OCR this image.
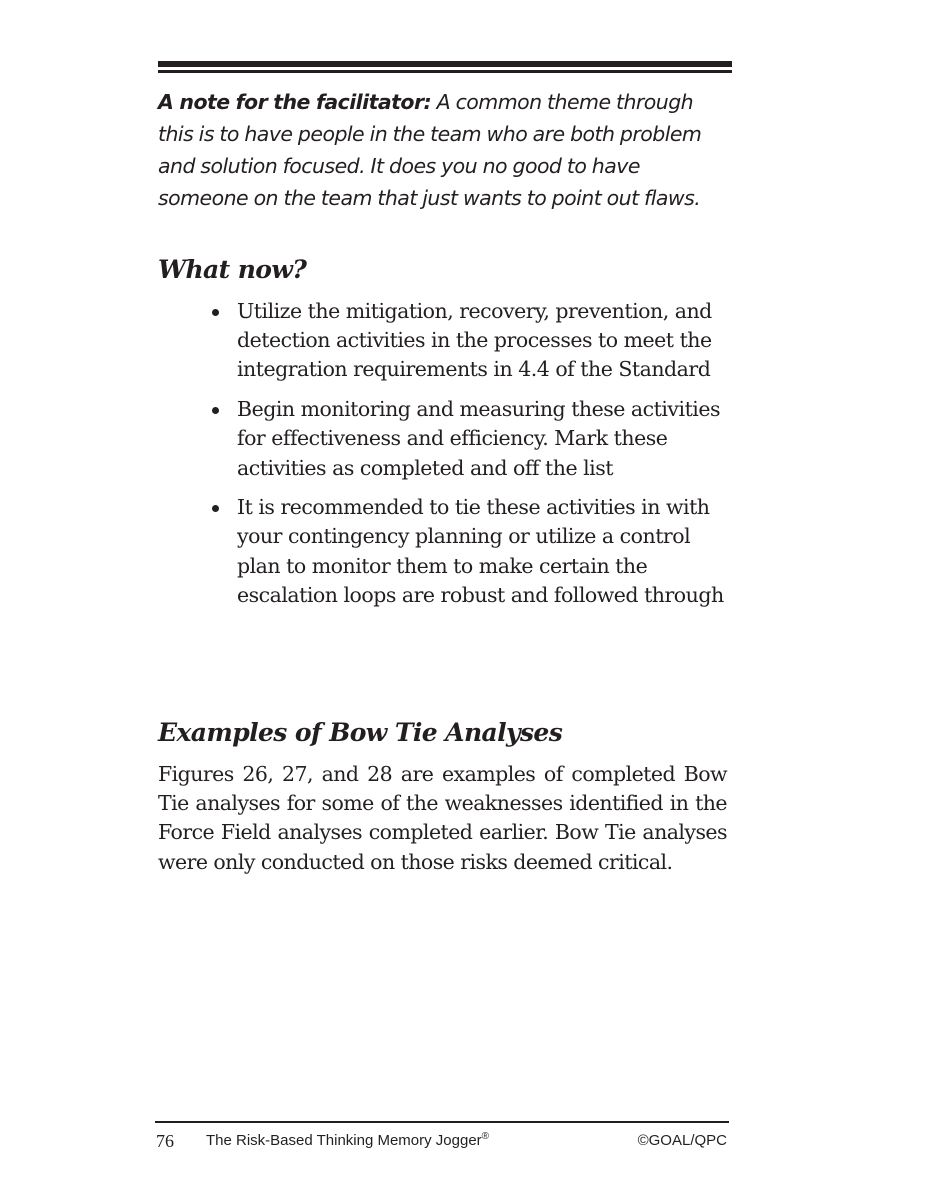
A note for the facilitator: A common theme through this is to have people in the team who are both problem and solution focused. It does you no good to have someone on the team that just wants to point out flaws.

What now?
Utilize the mitigation, recovery, prevention, and detection activities in the processes to meet the integration requirements in 4.4 of the Standard
Begin monitoring and measuring these activities for effectiveness and efficiency. Mark these activities as completed and off the list
It is recommended to tie these activities in with your contingency planning or utilize a control plan to monitor them to make certain the escalation loops are robust and followed through
Examples of Bow Tie Analyses

Figures 26, 27, and 28 are examples of completed Bow Tie analyses for some of the weaknesses identified in the Force Field analyses completed earlier. Bow Tie analyses were only conducted on those risks deemed critical.

76 The Risk-Based Thinking Memory Jogger®	©GOAL/QPC
